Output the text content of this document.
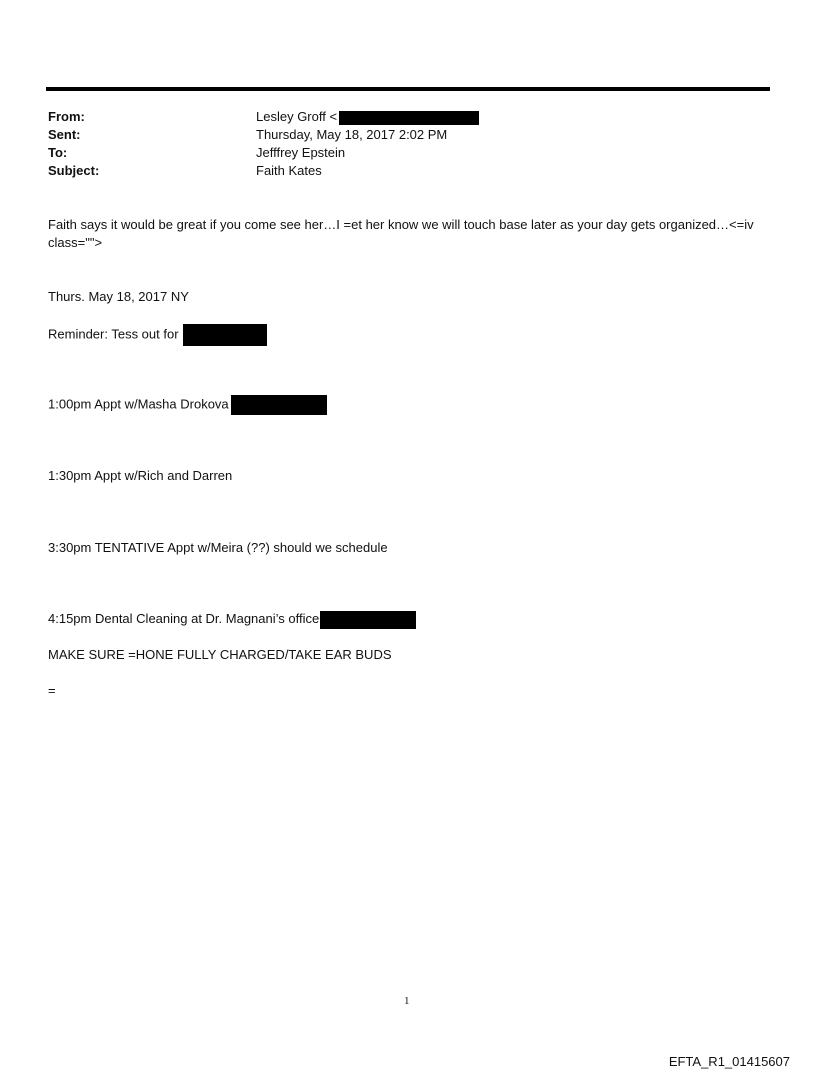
From:	Lesley Groff <
Sent:	Thursday, May 18, 2017 2:02 PM
To:	Jefffrey Epstein
Subject:	Faith Kates
Faith says it would be great if you come see her…I =et her know we will touch base later as your day gets organized…<=iv class="">
Thurs. May 18, 2017 NY
Reminder: Tess out for
1:00pm Appt w/Masha Drokova
1:30pm Appt w/Rich and Darren
3:30pm TENTATIVE Appt w/Meira (??) should we schedule
4:15pm Dental Cleaning at Dr. Magnani’s office
MAKE SURE =HONE FULLY CHARGED/TAKE EAR BUDS
=
1
EFTA_R1_01415607
